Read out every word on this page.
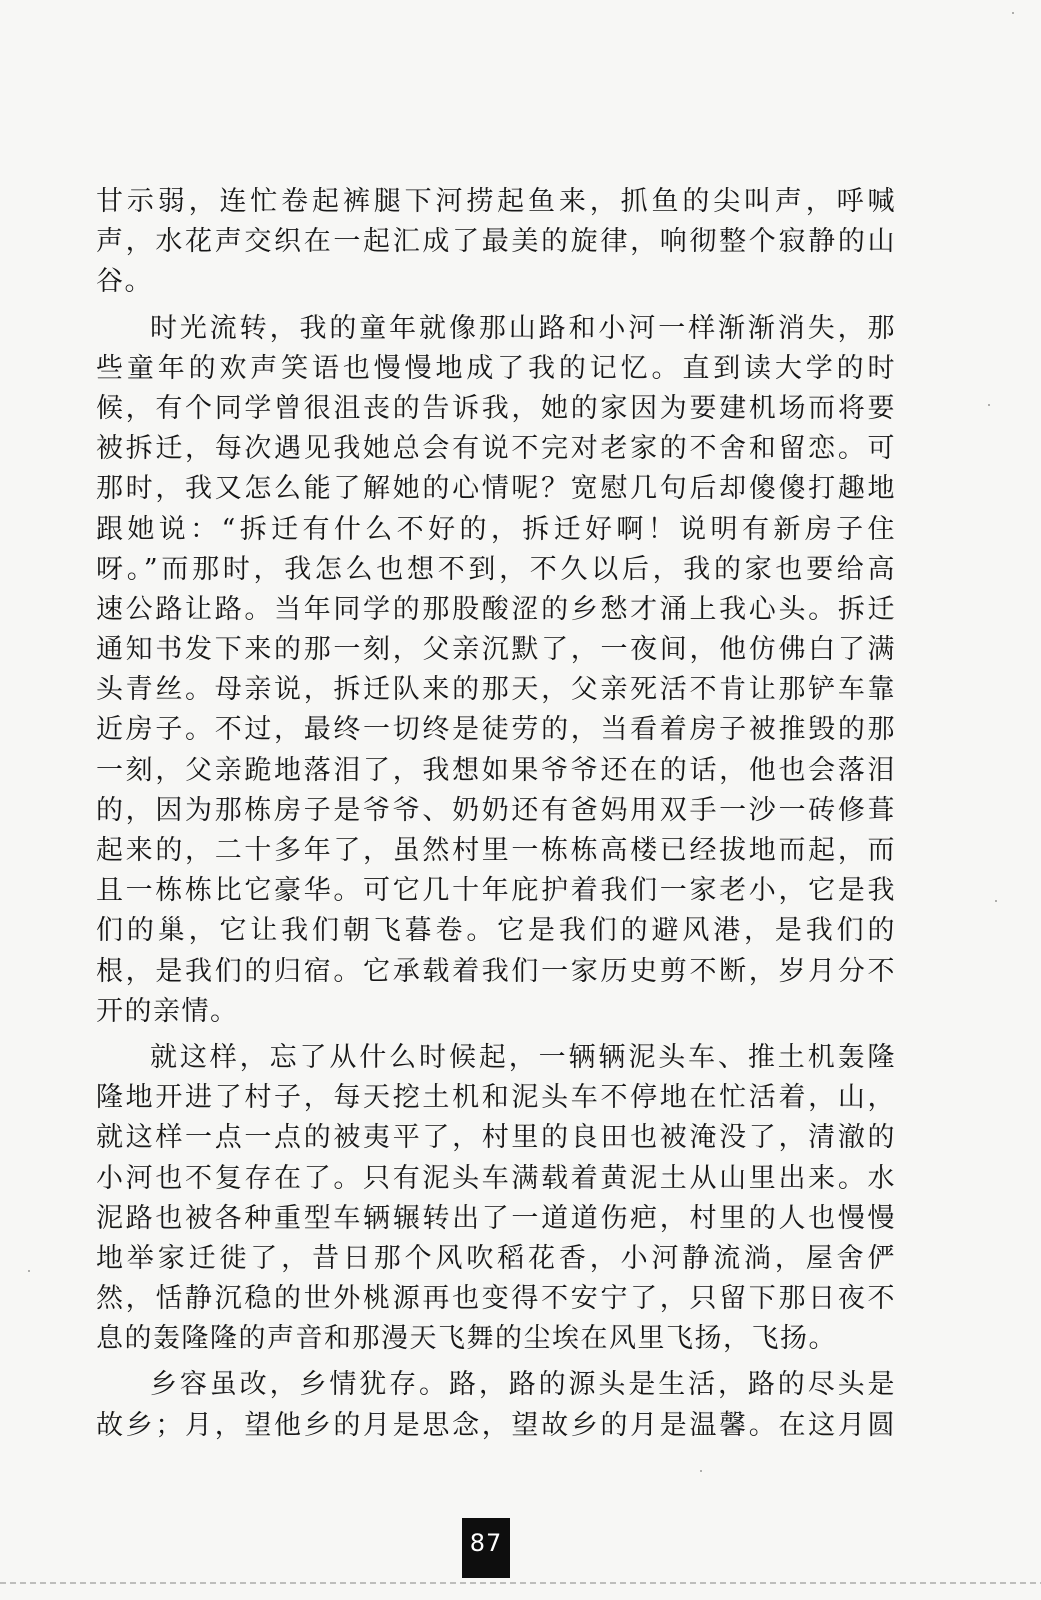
甘示弱，连忙卷起裤腿下河捞起鱼来，抓鱼的尖叫声，呼喊
声，水花声交织在一起汇成了最美的旋律，响彻整个寂静的山
谷。
时光流转，我的童年就像那山路和小河一样渐渐消失，那
些童年的欢声笑语也慢慢地成了我的记忆。直到读大学的时
候，有个同学曾很沮丧的告诉我，她的家因为要建机场而将要
被拆迁，每次遇见我她总会有说不完对老家的不舍和留恋。可
那时，我又怎么能了解她的心情呢？宽慰几句后却傻傻打趣地
跟她说：“拆迁有什么不好的，拆迁好啊！说明有新房子住
呀。”而那时，我怎么也想不到，不久以后，我的家也要给高
速公路让路。当年同学的那股酸涩的乡愁才涌上我心头。拆迁
通知书发下来的那一刻，父亲沉默了，一夜间，他仿佛白了满
头青丝。母亲说，拆迁队来的那天，父亲死活不肯让那铲车靠
近房子。不过，最终一切终是徒劳的，当看着房子被推毁的那
一刻，父亲跪地落泪了，我想如果爷爷还在的话，他也会落泪
的，因为那栋房子是爷爷、奶奶还有爸妈用双手一沙一砖修葺
起来的，二十多年了，虽然村里一栋栋高楼已经拔地而起，而
且一栋栋比它豪华。可它几十年庇护着我们一家老小，它是我
们的巢，它让我们朝飞暮卷。它是我们的避风港，是我们的
根，是我们的归宿。它承载着我们一家历史剪不断，岁月分不
开的亲情。
就这样，忘了从什么时候起，一辆辆泥头车、推土机轰隆
隆地开进了村子，每天挖土机和泥头车不停地在忙活着，山，
就这样一点一点的被夷平了，村里的良田也被淹没了，清澈的
小河也不复存在了。只有泥头车满载着黄泥土从山里出来。水
泥路也被各种重型车辆辗转出了一道道伤疤，村里的人也慢慢
地举家迁徙了，昔日那个风吹稻花香，小河静流淌，屋舍俨
然，恬静沉稳的世外桃源再也变得不安宁了，只留下那日夜不
息的轰隆隆的声音和那漫天飞舞的尘埃在风里飞扬，飞扬。
乡容虽改，乡情犹存。路，路的源头是生活，路的尽头是
故乡；月，望他乡的月是思念，望故乡的月是温馨。在这月圆
87
